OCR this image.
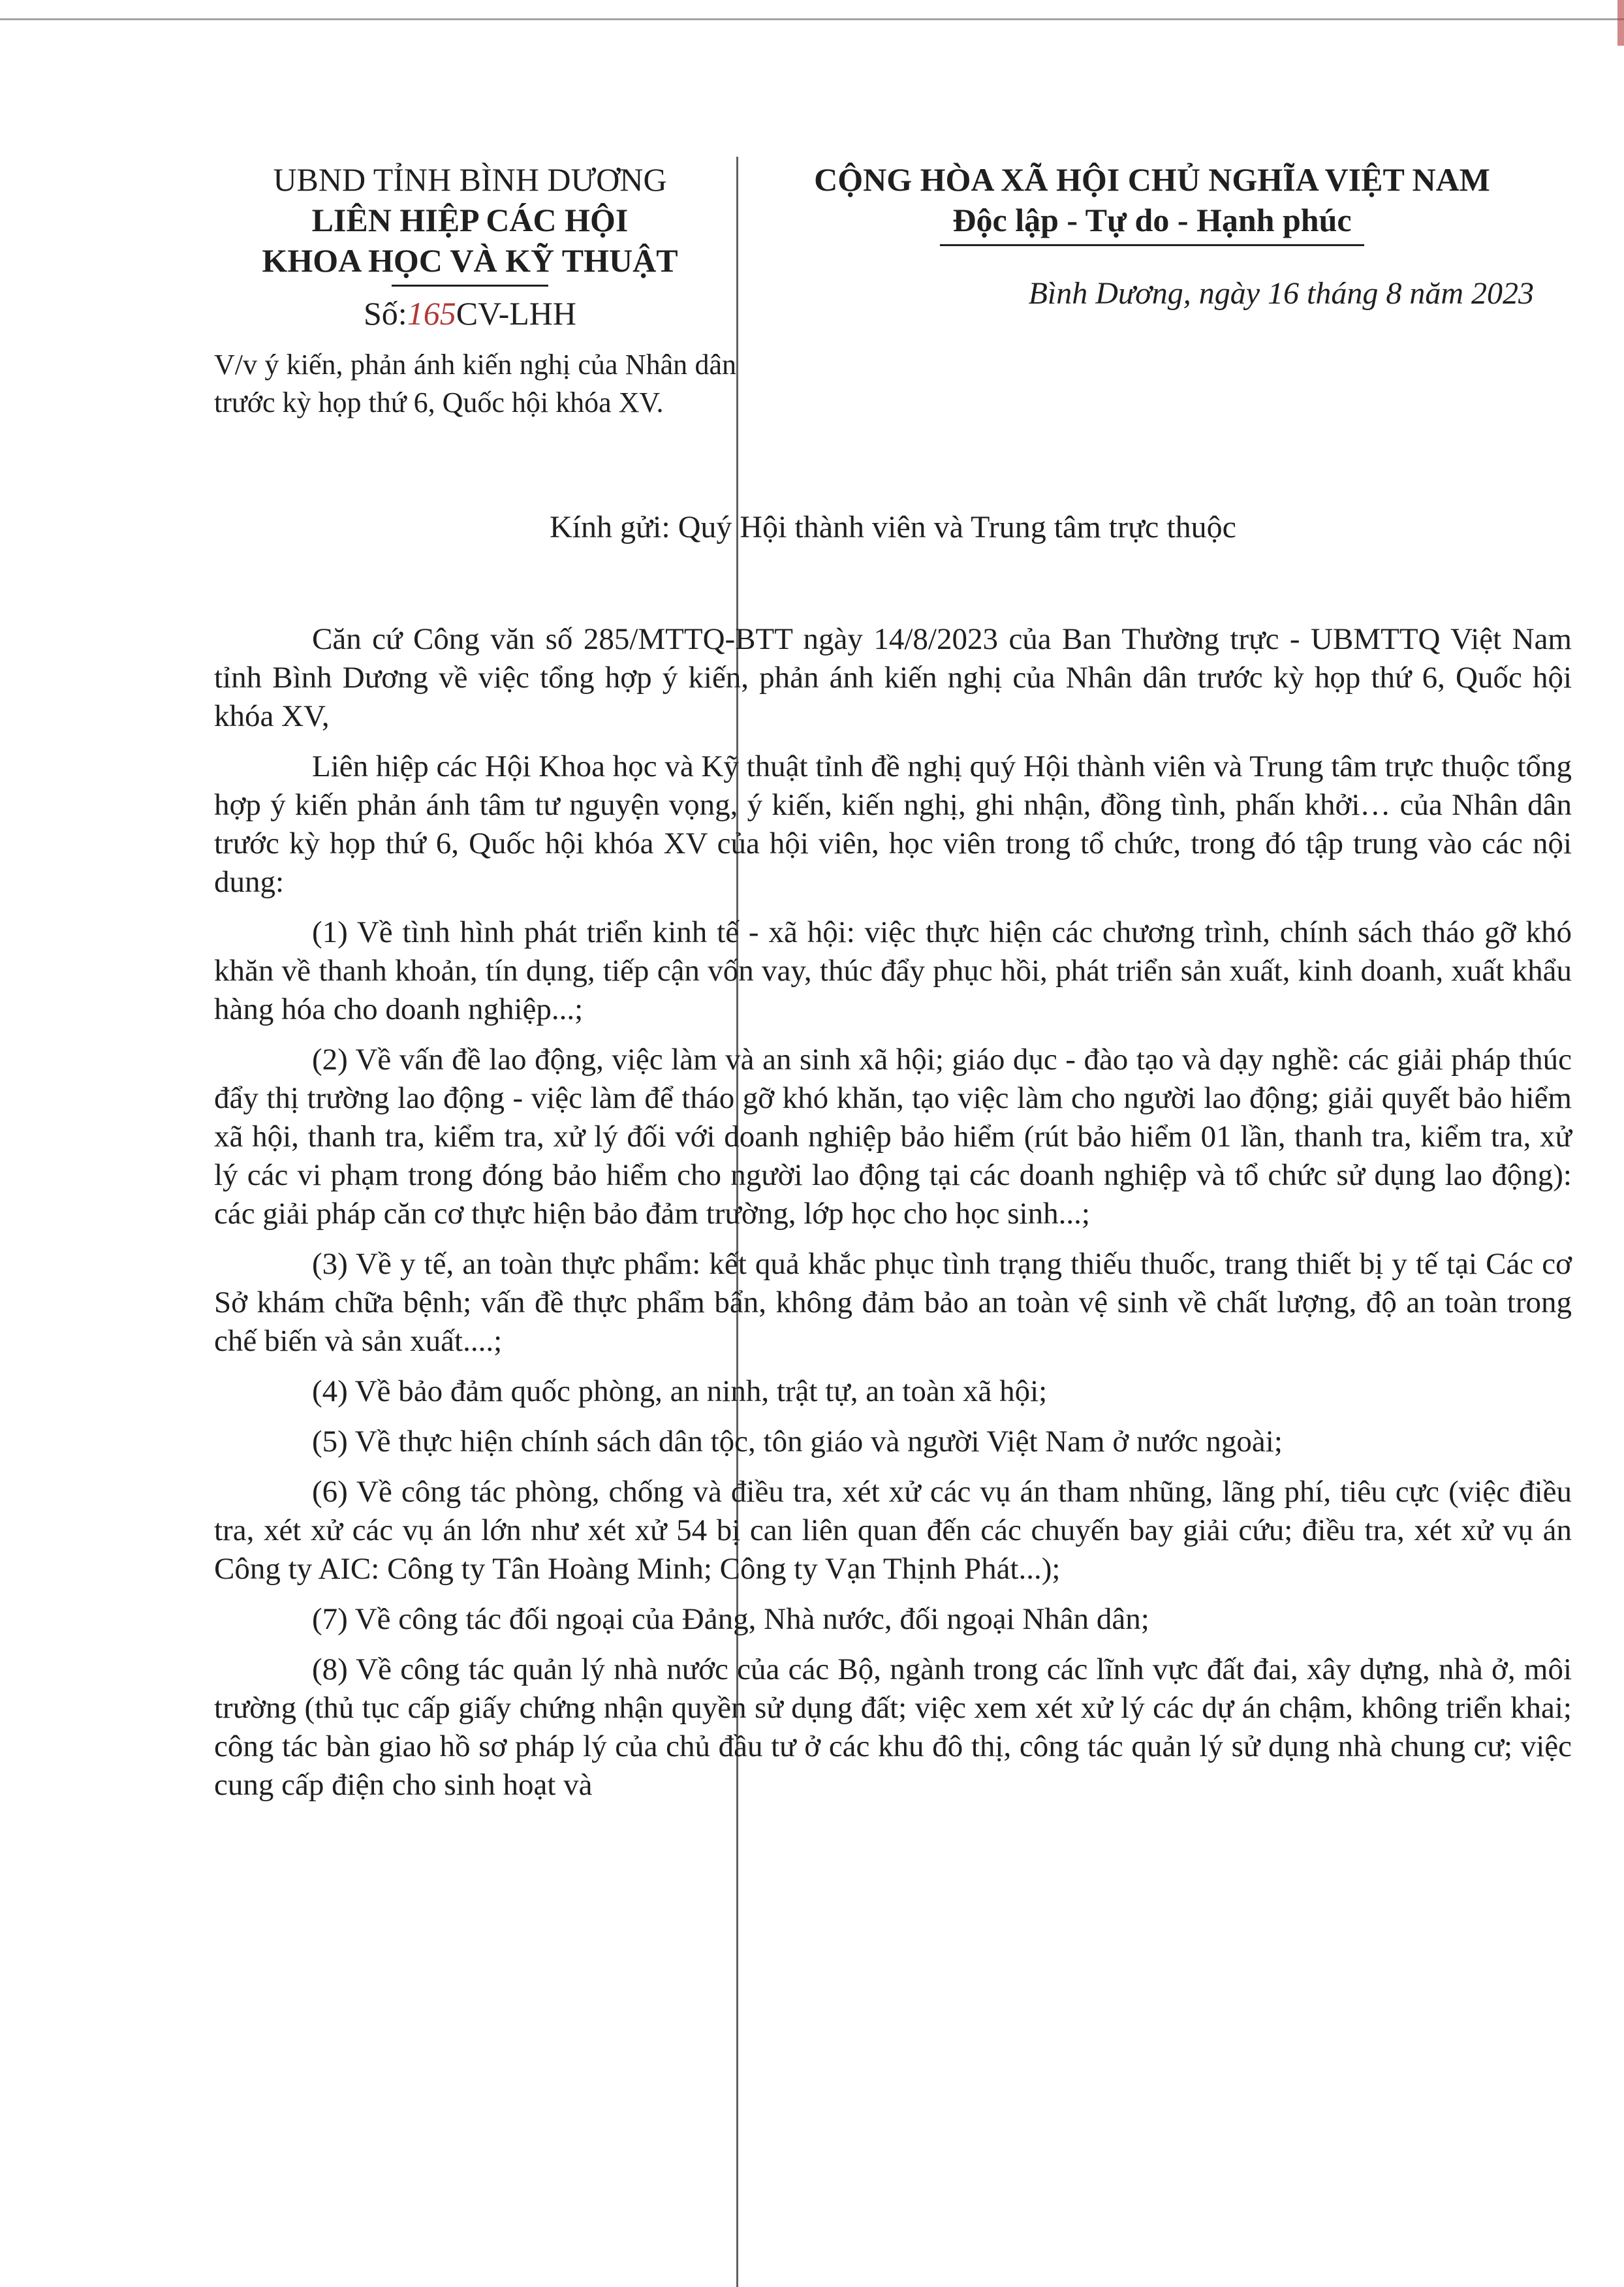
UBND TỈNH BÌNH DƯƠNG
LIÊN HIỆP CÁC HỘI
KHOA HỌC VÀ KỸ THUẬT
Số:165CV-LHH
CỘNG HÒA XÃ HỘI CHỦ NGHĨA VIỆT NAM
Độc lập - Tự do - Hạnh phúc
Bình Dương, ngày 16 tháng 8 năm 2023
V/v ý kiến, phản ánh kiến nghị của Nhân dân trước kỳ họp thứ 6, Quốc hội khóa XV.
Kính gửi: Quý Hội thành viên và Trung tâm trực thuộc

Căn cứ Công văn số 285/MTTQ-BTT ngày 14/8/2023 của Ban Thường trực - UBMTTQ Việt Nam tỉnh Bình Dương về việc tổng hợp ý kiến, phản ánh kiến nghị của Nhân dân trước kỳ họp thứ 6, Quốc hội khóa XV,

Liên hiệp các Hội Khoa học và Kỹ thuật tỉnh đề nghị quý Hội thành viên và Trung tâm trực thuộc tổng hợp ý kiến phản ánh tâm tư nguyện vọng, ý kiến, kiến nghị, ghi nhận, đồng tình, phấn khởi… của Nhân dân trước kỳ họp thứ 6, Quốc hội khóa XV của hội viên, học viên trong tổ chức, trong đó tập trung vào các nội dung:

(1) Về tình hình phát triển kinh tế - xã hội: việc thực hiện các chương trình, chính sách tháo gỡ khó khăn về thanh khoản, tín dụng, tiếp cận vốn vay, thúc đẩy phục hồi, phát triển sản xuất, kinh doanh, xuất khẩu hàng hóa cho doanh nghiệp...;

(2) Về vấn đề lao động, việc làm và an sinh xã hội; giáo dục - đào tạo và dạy nghề: các giải pháp thúc đẩy thị trường lao động - việc làm để tháo gỡ khó khăn, tạo việc làm cho người lao động; giải quyết bảo hiểm xã hội, thanh tra, kiểm tra, xử lý đối với doanh nghiệp bảo hiểm (rút bảo hiểm 01 lần, thanh tra, kiểm tra, xử lý các vi phạm trong đóng bảo hiểm cho người lao động tại các doanh nghiệp và tổ chức sử dụng lao động): các giải pháp căn cơ thực hiện bảo đảm trường, lớp học cho học sinh...;

(3) Về y tế, an toàn thực phẩm: kết quả khắc phục tình trạng thiếu thuốc, trang thiết bị y tế tại Các cơ Sở khám chữa bệnh; vấn đề thực phẩm bẩn, không đảm bảo an toàn vệ sinh về chất lượng, độ an toàn trong chế biến và sản xuất....;

(4) Về bảo đảm quốc phòng, an ninh, trật tự, an toàn xã hội;

(5) Về thực hiện chính sách dân tộc, tôn giáo và người Việt Nam ở nước ngoài;

(6) Về công tác phòng, chống và điều tra, xét xử các vụ án tham nhũng, lãng phí, tiêu cực (việc điều tra, xét xử các vụ án lớn như xét xử 54 bị can liên quan đến các chuyến bay giải cứu; điều tra, xét xử vụ án Công ty AIC: Công ty Tân Hoàng Minh; Công ty Vạn Thịnh Phát...);

(7) Về công tác đối ngoại của Đảng, Nhà nước, đối ngoại Nhân dân;

(8) Về công tác quản lý nhà nước của các Bộ, ngành trong các lĩnh vực đất đai, xây dựng, nhà ở, môi trường (thủ tục cấp giấy chứng nhận quyền sử dụng đất; việc xem xét xử lý các dự án chậm, không triển khai; công tác bàn giao hồ sơ pháp lý của chủ đầu tư ở các khu đô thị, công tác quản lý sử dụng nhà chung cư; việc cung cấp điện cho sinh hoạt và
